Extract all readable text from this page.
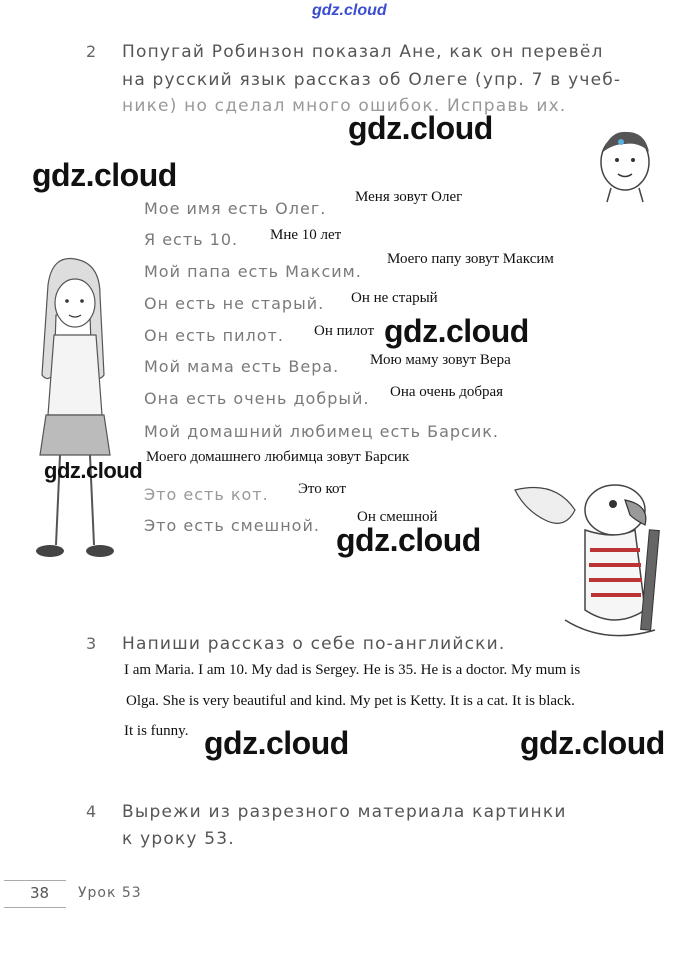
gdz.cloud
2 Попугай Робинзон показал Ане, как он перевёл
на русский язык рассказ об Олеге (упр. 7 в учеб-
нике) но сделал много ошибок. Исправь их.
Мое имя есть Олег.
Меня зовут Олег
Я есть 10. Мне 10 лет
Мой папа есть Максим.
Моего папу зовут Максим
Он есть не старый. Он не старый
Он есть пилот. Он пилот
Мой мама есть Вера. Мою маму зовут Вера
Она есть очень добрый. Она очень добрая
Мой домашний любимец есть Барсик.
Моего домашнего любимца зовут Барсик
Это есть кот. Это кот
Это есть смешной. Он смешной
3 Напиши рассказ о себе по-английски.
I am Maria. I am 10. My dad is Sergey. He is 35. He is a doctor. My mum is
Olga. She is very beautiful and kind. My pet is Ketty. It is a cat. It is black.
It is funny.
4 Вырежи из разрезного материала картинки
к уроку 53.
38 Урок 53
gdz.cloud
gdz.cloud
gdz.cloud
gdz.cloud
gdz.cloud
gdz.cloud	gdz.cloud
